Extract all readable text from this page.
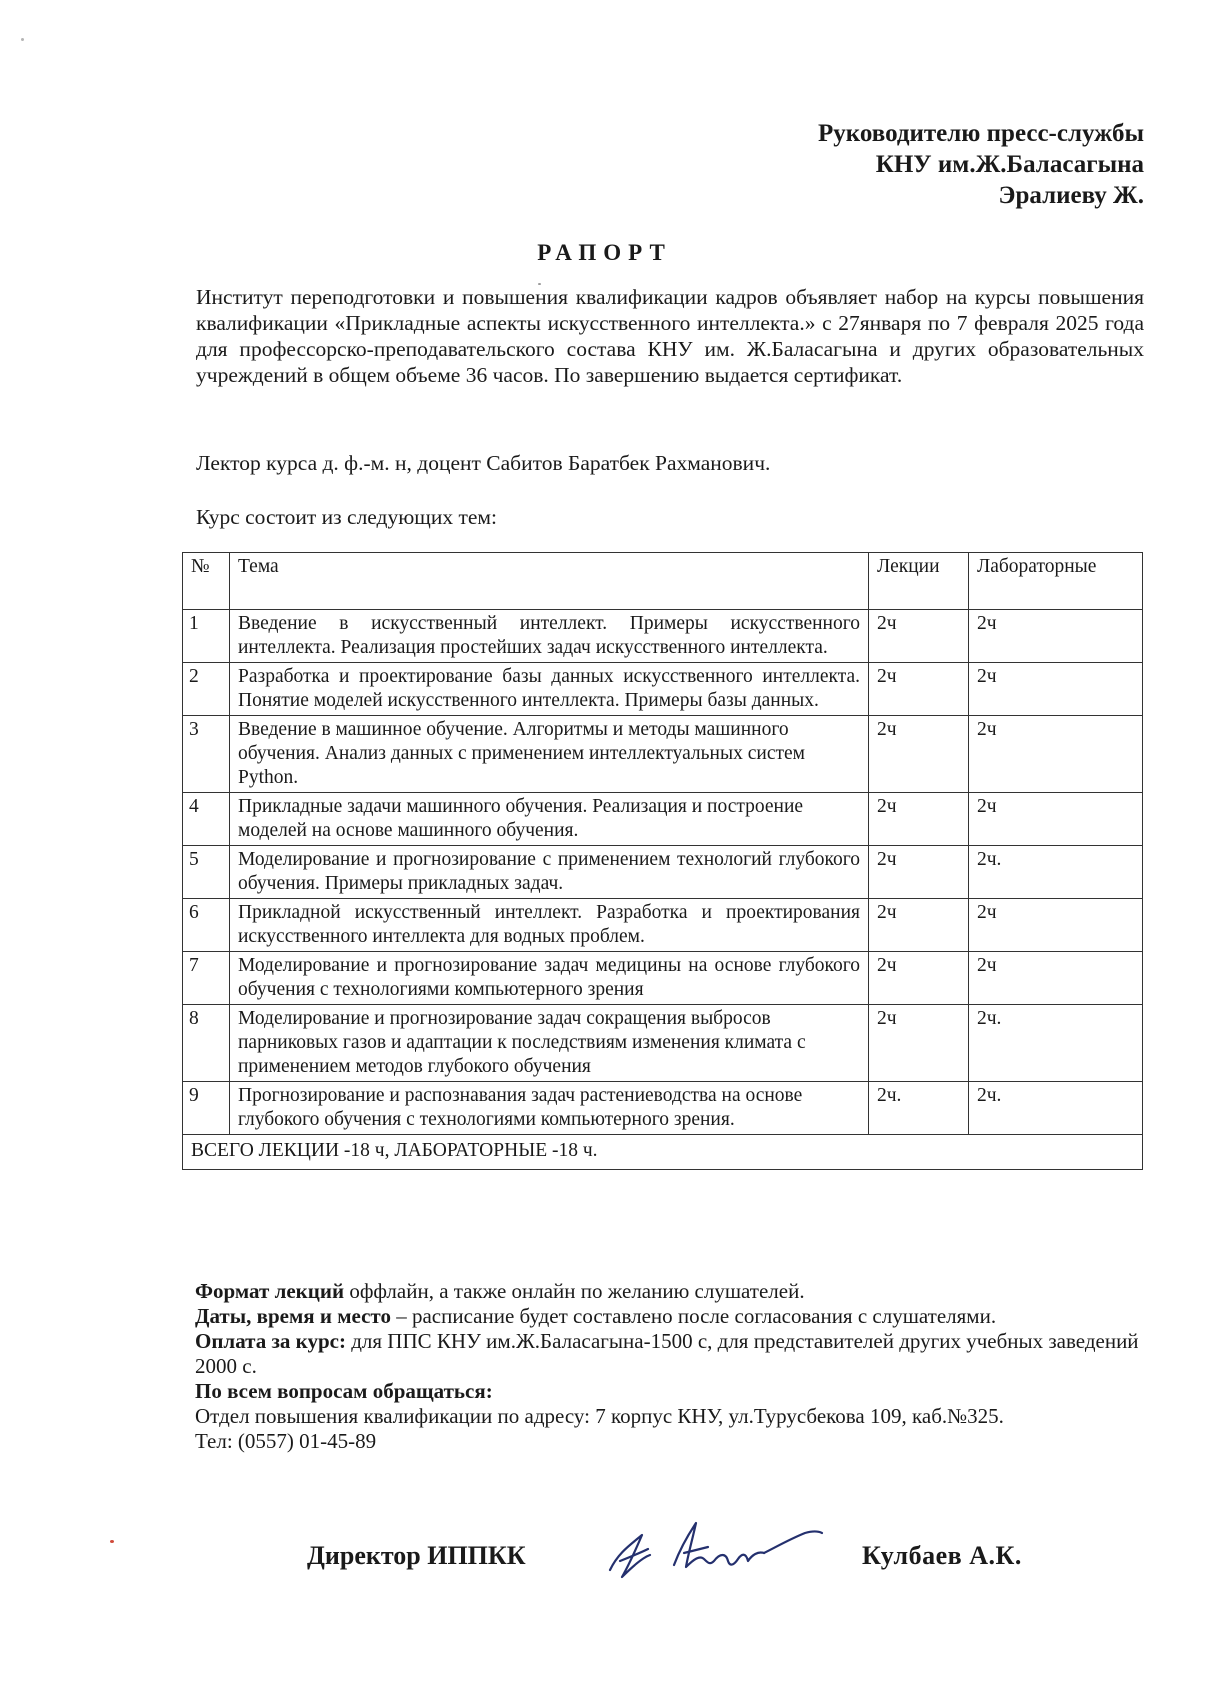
Руководителю пресс-службы
КНУ им.Ж.Баласагына
Эралиеву Ж.
РАПОРТ
Институт переподготовки и повышения квалификации кадров объявляет набор на курсы повышения квалификации «Прикладные аспекты искусственного интеллекта.» с 27января по 7 февраля 2025 года для профессорско-преподавательского состава КНУ им. Ж.Баласагына и других образовательных учреждений в общем объеме 36 часов. По завершению выдается сертификат.
Лектор курса д. ф.-м. н, доцент Сабитов Баратбек Рахманович.
Курс состоит из следующих тем:
№	Тема	Лекции	Лабораторные
1	Введение в искусственный интеллект. Примеры искусственного интеллекта. Реализация простейших задач искусственного интеллекта.	2ч	2ч
2	Разработка и проектирование базы данных искусственного интеллекта. Понятие моделей искусственного интеллекта. Примеры базы данных.	2ч	2ч
3	Введение в машинное обучение. Алгоритмы и методы машинного обучения. Анализ данных с применением интеллектуальных систем Python.	2ч	2ч
4	Прикладные задачи машинного обучения. Реализация и построение моделей на основе машинного обучения.	2ч	2ч
5	Моделирование и прогнозирование с применением технологий глубокого обучения. Примеры прикладных задач.	2ч	2ч.
6	Прикладной искусственный интеллект. Разработка и проектирования искусственного интеллекта для водных проблем.	2ч	2ч
7	Моделирование и прогнозирование задач медицины на основе глубокого обучения с технологиями компьютерного зрения	2ч	2ч
8	Моделирование и прогнозирование задач сокращения выбросов парниковых газов и адаптации к последствиям изменения климата с применением методов глубокого обучения	2ч	2ч.
9	Прогнозирование и распознавания задач растениеводства на основе глубокого обучения с технологиями компьютерного зрения.	2ч.	2ч.
ВСЕГО ЛЕКЦИИ -18 ч, ЛАБОРАТОРНЫЕ -18 ч.			

Формат лекций оффлайн, а также онлайн по желанию слушателей.

Даты, время и место – расписание будет составлено после согласования с слушателями.

Оплата за курс: для ППС КНУ им.Ж.Баласагына-1500 с, для представителей других учебных заведений 2000 с.

По всем вопросам обращаться:

Отдел повышения квалификации по адресу: 7 корпус КНУ, ул.Турусбекова 109, каб.№325.

Тел: (0557) 01-45-89

Директор ИППКК	Кулбаев А.К.
